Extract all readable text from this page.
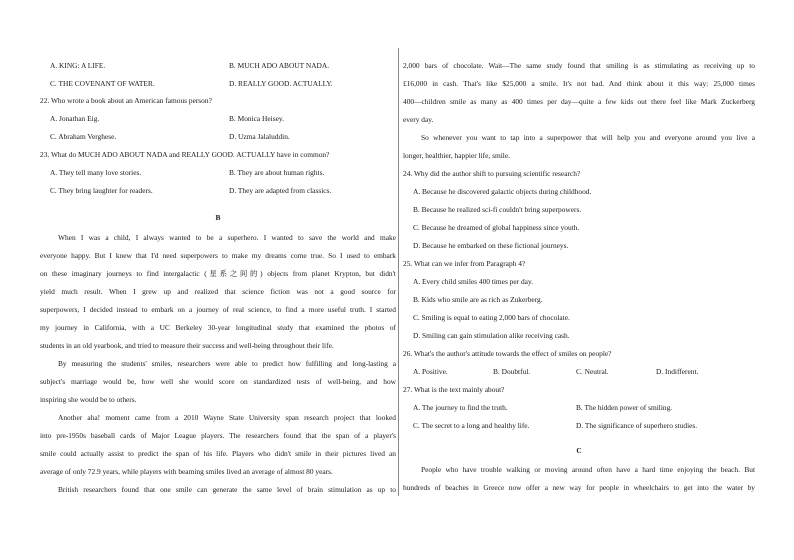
A. KING: A LIFE.	B. MUCH ADO ABOUT NADA.
C. THE COVENANT OF WATER.	D. REALLY GOOD. ACTUALLY.
22. Who wrote a book about an American famous person?
A. Jonathan Eig.	B. Monica Heisey.
C. Abraham Verghese.	D. Uzma Jalaluddin.
23. What do MUCH ADO ABOUT NADA and REALLY GOOD. ACTUALLY have in common?
A. They tell many love stories.	B. They are about human rights.
C. They bring laughter for readers.	D. They are adapted from classics.
B
When I was a child, I always wanted to be a superhero. I wanted to save the world and make
everyone happy. But I knew that I'd need superpowers to make my dreams come true. So I used to embark
on these imaginary journeys to find intergalactic (星系之间的) objects from planet Krypton, but didn't
yield much result. When I grew up and realized that science fiction was not a good source for
superpowers, I decided instead to embark on a journey of real science, to find a more useful truth. I started
my journey in California, with a UC Berkeley 30-year longitudinal study that examined the photos of
students in an old yearbook, and tried to measure their success and well-being throughout their life.
By measuring the students' smiles, researchers were able to predict how fulfilling and long-lasting a
subject's marriage would be, how well she would score on standardized tests of well-being, and how
inspiring she would be to others.
Another aha! moment came from a 2010 Wayne State University span research project that looked
into pre-1950s baseball cards of Major League players. The researchers found that the span of a player's
smile could actually assist to predict the span of his life. Players who didn't smile in their pictures lived an
average of only 72.9 years, while players with beaming smiles lived an average of almost 80 years.
British researchers found that one smile can generate the same level of brain stimulation as up to
2,000 bars of chocolate. Wait—The same study found that smiling is as stimulating as receiving up to
£16,000 in cash. That's like $25,000 a smile. It's not bad. And think about it this way: 25,000 times
400—children smile as many as 400 times per day—quite a few kids out there feel like Mark Zuckerberg
every day.
So whenever you want to tap into a superpower that will help you and everyone around you live a
longer, healthier, happier life, smile.
24. Why did the author shift to pursuing scientific research?
A. Because he discovered galactic objects during childhood.
B. Because he realized sci-fi couldn't bring superpowers.
C. Because he dreamed of global happiness since youth.
D. Because he embarked on these fictional journeys.
25. What can we infer from Paragraph 4?
A. Every child smiles 400 times per day.
B. Kids who smile are as rich as Zukerberg.
C. Smiling is equal to eating 2,000 bars of chocolate.
D. Smiling can gain stimulation alike receiving cash.
26. What's the author's attitude towards the effect of smiles on people?
A. Positive.	B. Doubtful.	C. Neutral.	D. Indifferent.
27. What is the text mainly about?
A. The journey to find the truth.	B. The hidden power of smiling.
C. The secret to a long and healthy life.	D. The significance of superhero studies.
C
People who have trouble walking or moving around often have a hard time enjoying the beach. But
hundreds of beaches in Greece now offer a new way for people in wheelchairs to get into the water by
